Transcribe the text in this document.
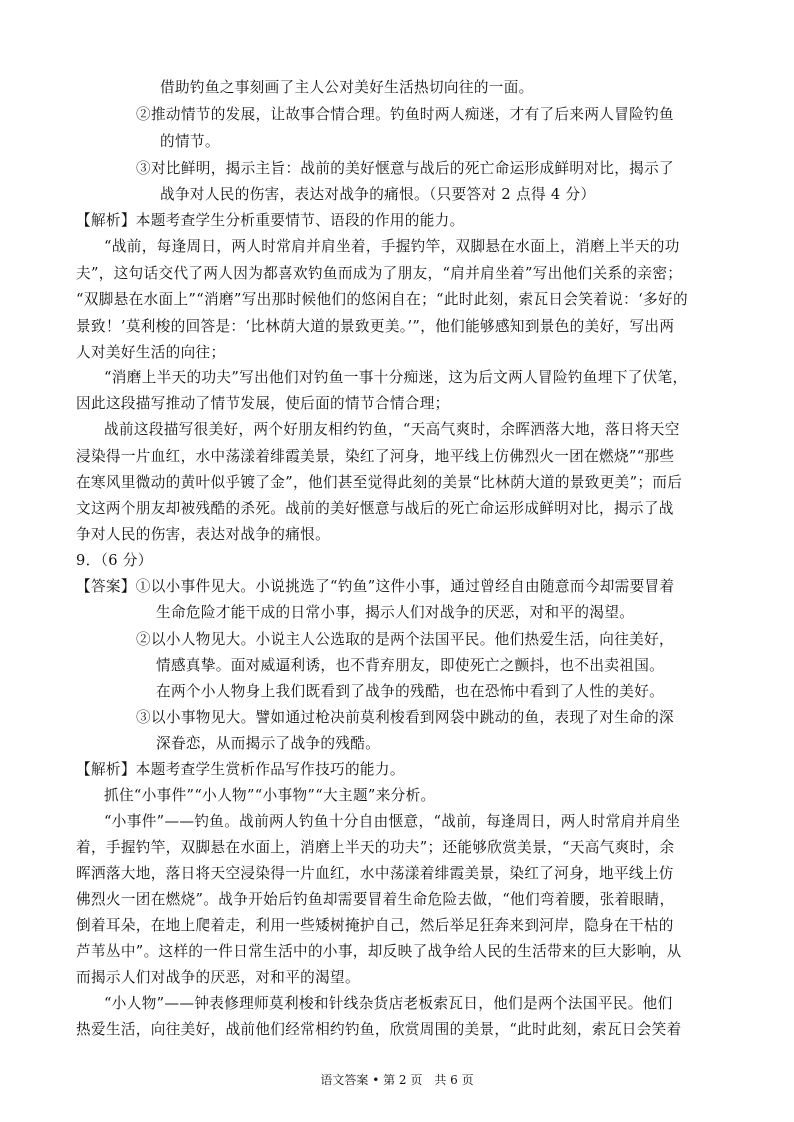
借助钓鱼之事刻画了主人公对美好生活热切向往的一面。
②推动情节的发展，让故事合情合理。钓鱼时两人痴迷，才有了后来两人冒险钓鱼
的情节。
③对比鲜明，揭示主旨：战前的美好惬意与战后的死亡命运形成鲜明对比，揭示了
战争对人民的伤害，表达对战争的痛恨。（只要答对 2 点得 4 分）
【解析】本题考查学生分析重要情节、语段的作用的能力。
“战前，每逢周日，两人时常肩并肩坐着，手握钓竿，双脚悬在水面上，消磨上半天的功
夫”，这句话交代了两人因为都喜欢钓鱼而成为了朋友，“肩并肩坐着”写出他们关系的亲密；
“双脚悬在水面上”“消磨”写出那时候他们的悠闲自在；“此时此刻，索瓦日会笑着说：‘多好的
景致！’莫利梭的回答是：‘比林荫大道的景致更美。’”，他们能够感知到景色的美好，写出两
人对美好生活的向往；
“消磨上半天的功夫”写出他们对钓鱼一事十分痴迷，这为后文两人冒险钓鱼埋下了伏笔，
因此这段描写推动了情节发展，使后面的情节合情合理；
战前这段描写很美好，两个好朋友相约钓鱼，“天高气爽时，余晖洒落大地，落日将天空
浸染得一片血红，水中荡漾着绯霞美景，染红了河身，地平线上仿佛烈火一团在燃烧”“那些
在寒风里微动的黄叶似乎镀了金”，他们甚至觉得此刻的美景“比林荫大道的景致更美”；而后
文这两个朋友却被残酷的杀死。战前的美好惬意与战后的死亡命运形成鲜明对比，揭示了战
争对人民的伤害，表达对战争的痛恨。
9．（6 分）
【答案】①以小事件见大。小说挑选了“钓鱼”这件小事，通过曾经自由随意而今却需要冒着
生命危险才能干成的日常小事，揭示人们对战争的厌恶，对和平的渴望。
②以小人物见大。小说主人公选取的是两个法国平民。他们热爱生活，向往美好，
情感真挚。面对威逼利诱，也不背弃朋友，即使死亡之颤抖，也不出卖祖国。
在两个小人物身上我们既看到了战争的残酷，也在恐怖中看到了人性的美好。
③以小事物见大。譬如通过枪决前莫利梭看到网袋中跳动的鱼，表现了对生命的深
深眷恋，从而揭示了战争的残酷。
【解析】本题考查学生赏析作品写作技巧的能力。
抓住“小事件”“小人物”“小事物”“大主题”来分析。
“小事件”——钓鱼。战前两人钓鱼十分自由惬意，“战前，每逢周日，两人时常肩并肩坐
着，手握钓竿，双脚悬在水面上，消磨上半天的功夫”；还能够欣赏美景，“天高气爽时，余
晖洒落大地，落日将天空浸染得一片血红，水中荡漾着绯霞美景，染红了河身，地平线上仿
佛烈火一团在燃烧”。战争开始后钓鱼却需要冒着生命危险去做，“他们弯着腰，张着眼睛，
倒着耳朵，在地上爬着走，利用一些矮树掩护自己，然后举足狂奔来到河岸，隐身在干枯的
芦苇丛中”。这样的一件日常生活中的小事，却反映了战争给人民的生活带来的巨大影响，从
而揭示人们对战争的厌恶，对和平的渴望。
“小人物”——钟表修理师莫利梭和针线杂货店老板索瓦日，他们是两个法国平民。他们
热爱生活，向往美好，战前他们经常相约钓鱼，欣赏周围的美景，“此时此刻，索瓦日会笑着
语文答案 • 第 2 页　共 6 页
